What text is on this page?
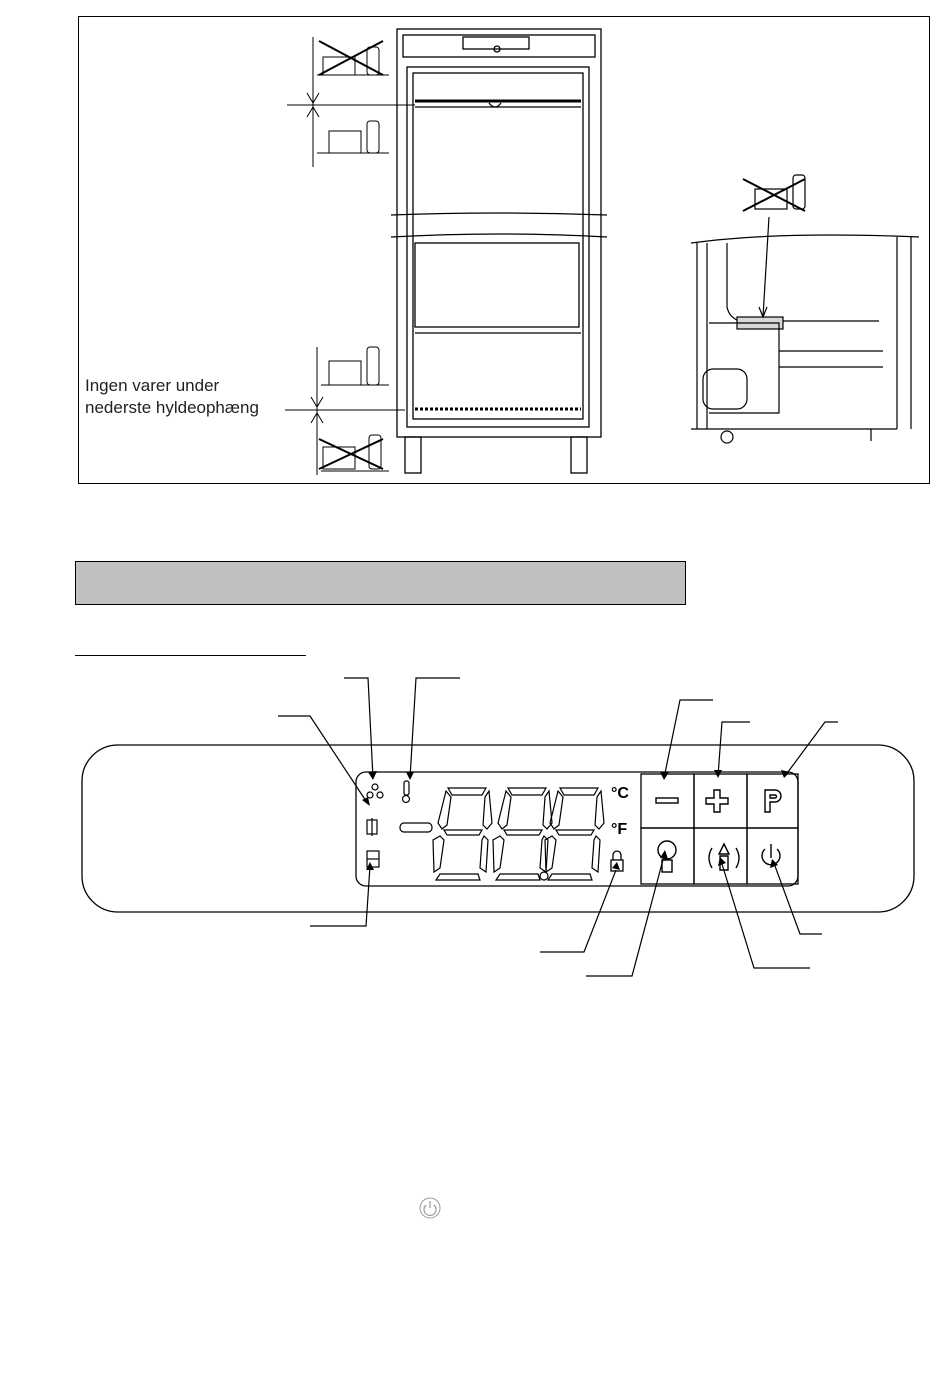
Ingen varer under
nederste hyldeophæng
°C
°F
